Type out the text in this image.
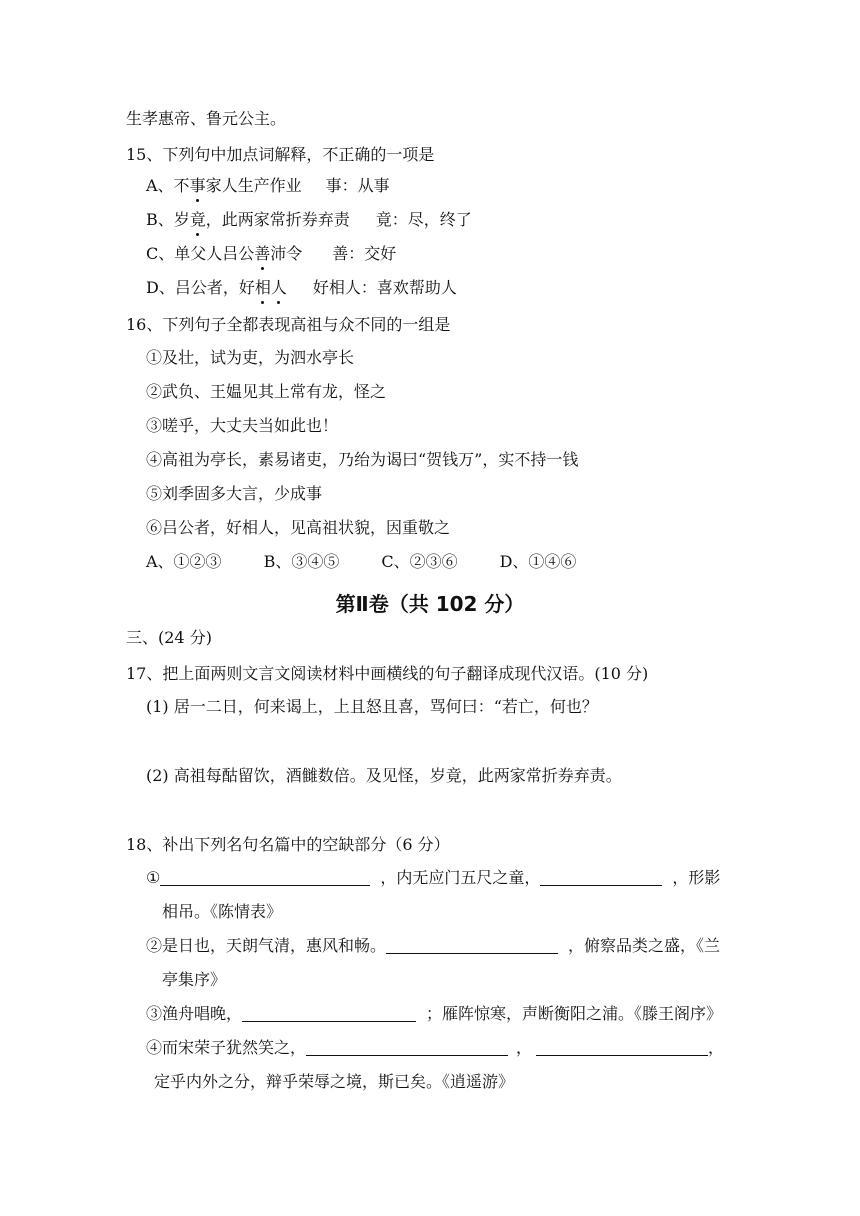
生孝惠帝、鲁元公主。
15、下列句中加点词解释，不正确的一项是
A、不事家人生产作业 事：从事
B、岁竟，此两家常折券弃责 竟：尽，终了
C、单父人吕公善沛令 善：交好
D、吕公者，好相人 好相人：喜欢帮助人
16、下列句子全都表现高祖与众不同的一组是
①及壮，试为吏，为泗水亭长
②武负、王媪见其上常有龙，怪之
③嗟乎，大丈夫当如此也！
④高祖为亭长，素易诸吏，乃绐为谒曰“贺钱万”，实不持一钱
⑤刘季固多大言，少成事
⑥吕公者，好相人，见高祖状貌，因重敬之
A、①②③	B、③④⑤	C、②③⑥	D、①④⑥
第Ⅱ卷（共 102 分）
三、(24 分)
17、把上面两则文言文阅读材料中画横线的句子翻译成现代汉语。(10 分)
(1) 居一二日，何来谒上，上且怒且喜，骂何曰：“若亡，何也？
(2) 高祖每酤留饮，酒雠数倍。及见怪，岁竟，此两家常折券弃责。
18、补出下列名句名篇中的空缺部分（6 分）
①	，内无应门五尺之童，	，形影
相吊。《陈情表》
②是日也，天朗气清，惠风和畅。	，俯察品类之盛，《兰
亭集序》
③渔舟唱晚，	；雁阵惊寒，声断衡阳之浦。《滕王阁序》
④而宋荣子犹然笑之，	，	，
定乎内外之分，辩乎荣辱之境，斯已矣。《逍遥游》
